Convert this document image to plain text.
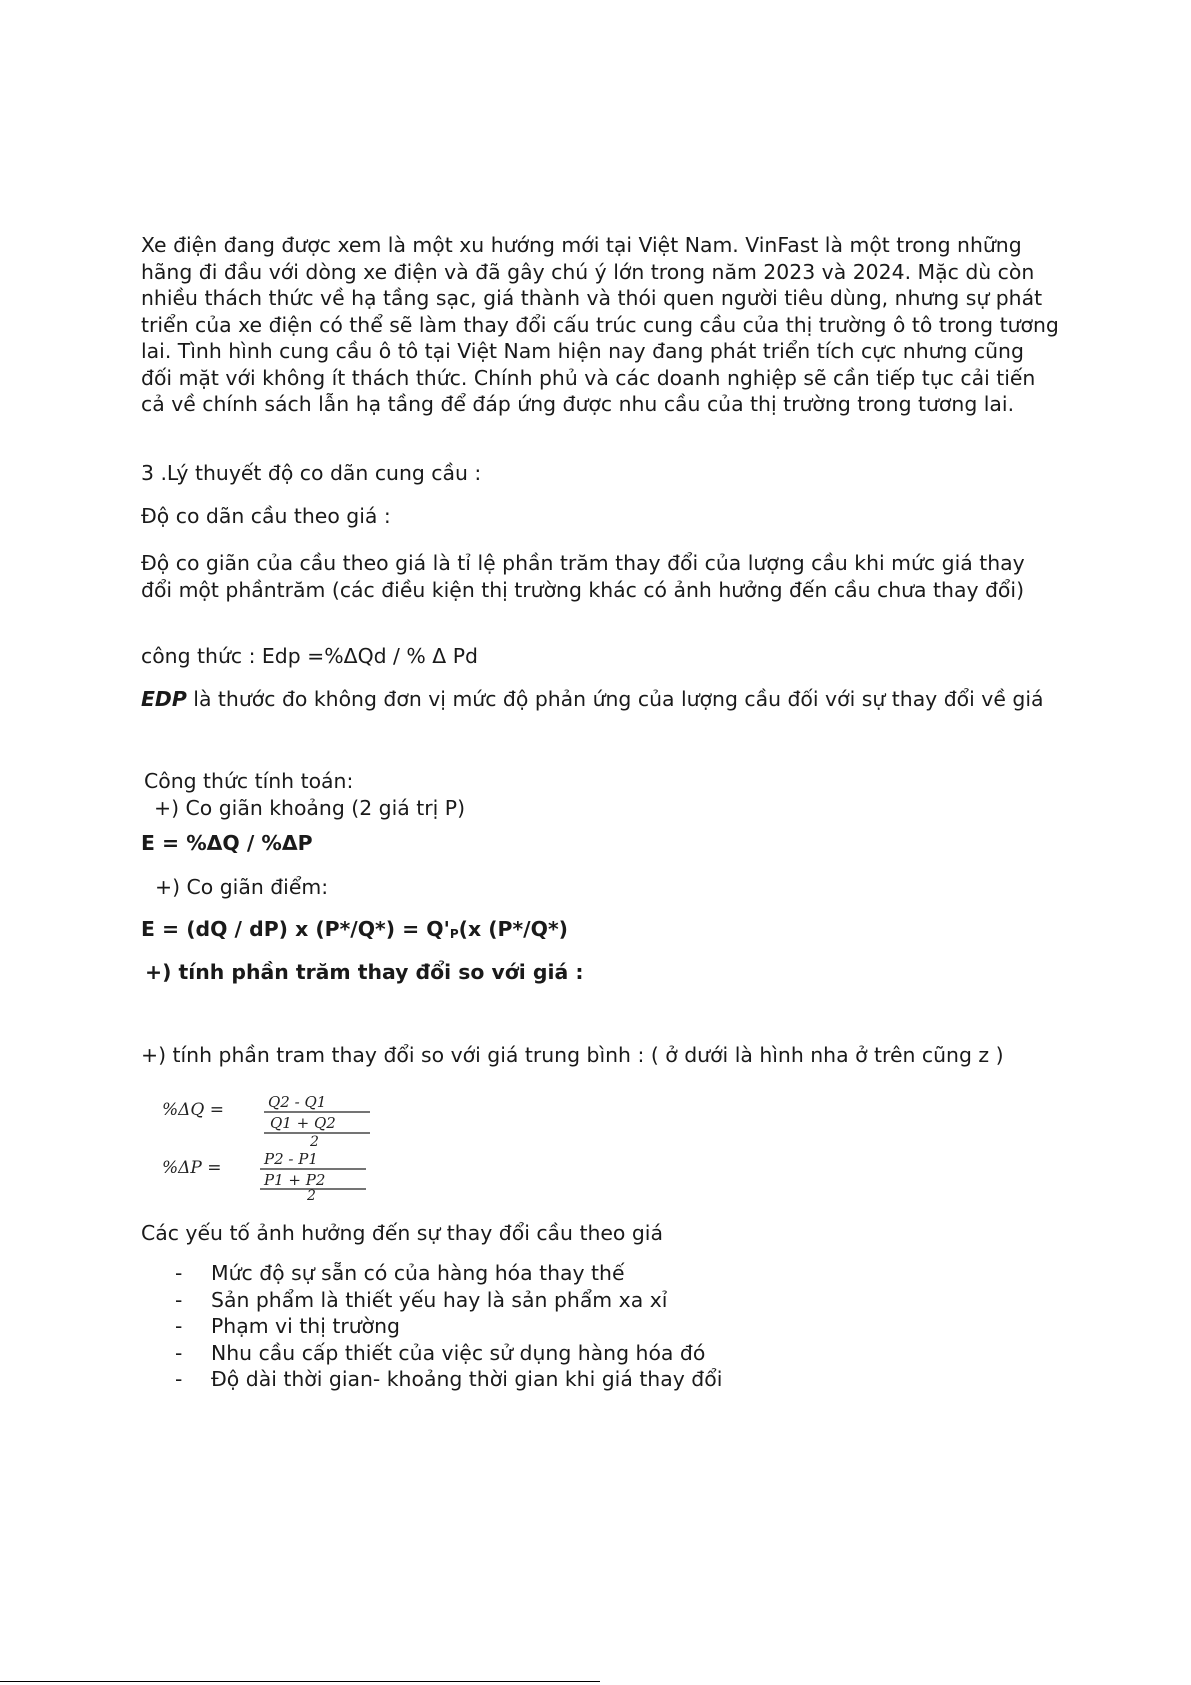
Xe điện đang được xem là một xu hướng mới tại Việt Nam. VinFast là một trong những hãng đi đầu với dòng xe điện và đã gây chú ý lớn trong năm 2023 và 2024. Mặc dù còn nhiều thách thức về hạ tầng sạc, giá thành và thói quen người tiêu dùng, nhưng sự phát triển của xe điện có thể sẽ làm thay đổi cấu trúc cung cầu của thị trường ô tô trong tương lai. Tình hình cung cầu ô tô tại Việt Nam hiện nay đang phát triển tích cực nhưng cũng đối mặt với không ít thách thức. Chính phủ và các doanh nghiệp sẽ cần tiếp tục cải tiến cả về chính sách lẫn hạ tầng để đáp ứng được nhu cầu của thị trường trong tương lai.

3 .Lý thuyết độ co dãn cung cầu :

Độ co dãn cầu theo giá :

Độ co giãn của cầu theo giá là tỉ lệ phần trăm thay đổi của lượng cầu khi mức giá thay đổi một phầntrăm (các điều kiện thị trường khác có ảnh hưởng đến cầu chưa thay đổi)

công thức : Edp =%ΔQd / % Δ Pd

EDP là thước đo không đơn vị mức độ phản ứng của lượng cầu đối với sự thay đổi về giá

Công thức tính toán:
+) Co giãn khoảng (2 giá trị P)

E = %ΔQ / %ΔP

+) Co giãn điểm:

E = (dQ / dP) x (P*/Q*) = Q'P(x (P*/Q*)

+) tính phần trăm thay đổi so với giá :

+) tính phần tram thay đổi so với giá trung bình : ( ở dưới là hình nha ở trên cũng z )

%ΔQ =	Q2 - Q1
Q1 + Q2
2
%ΔP =	P2 - P1
P1 + P2
2

Các yếu tố ảnh hưởng đến sự thay đổi cầu theo giá

- Mức độ sự sẵn có của hàng hóa thay thế
- Sản phẩm là thiết yếu hay là sản phẩm xa xỉ
- Phạm vi thị trường
- Nhu cầu cấp thiết của việc sử dụng hàng hóa đó
- Độ dài thời gian- khoảng thời gian khi giá thay đổi
